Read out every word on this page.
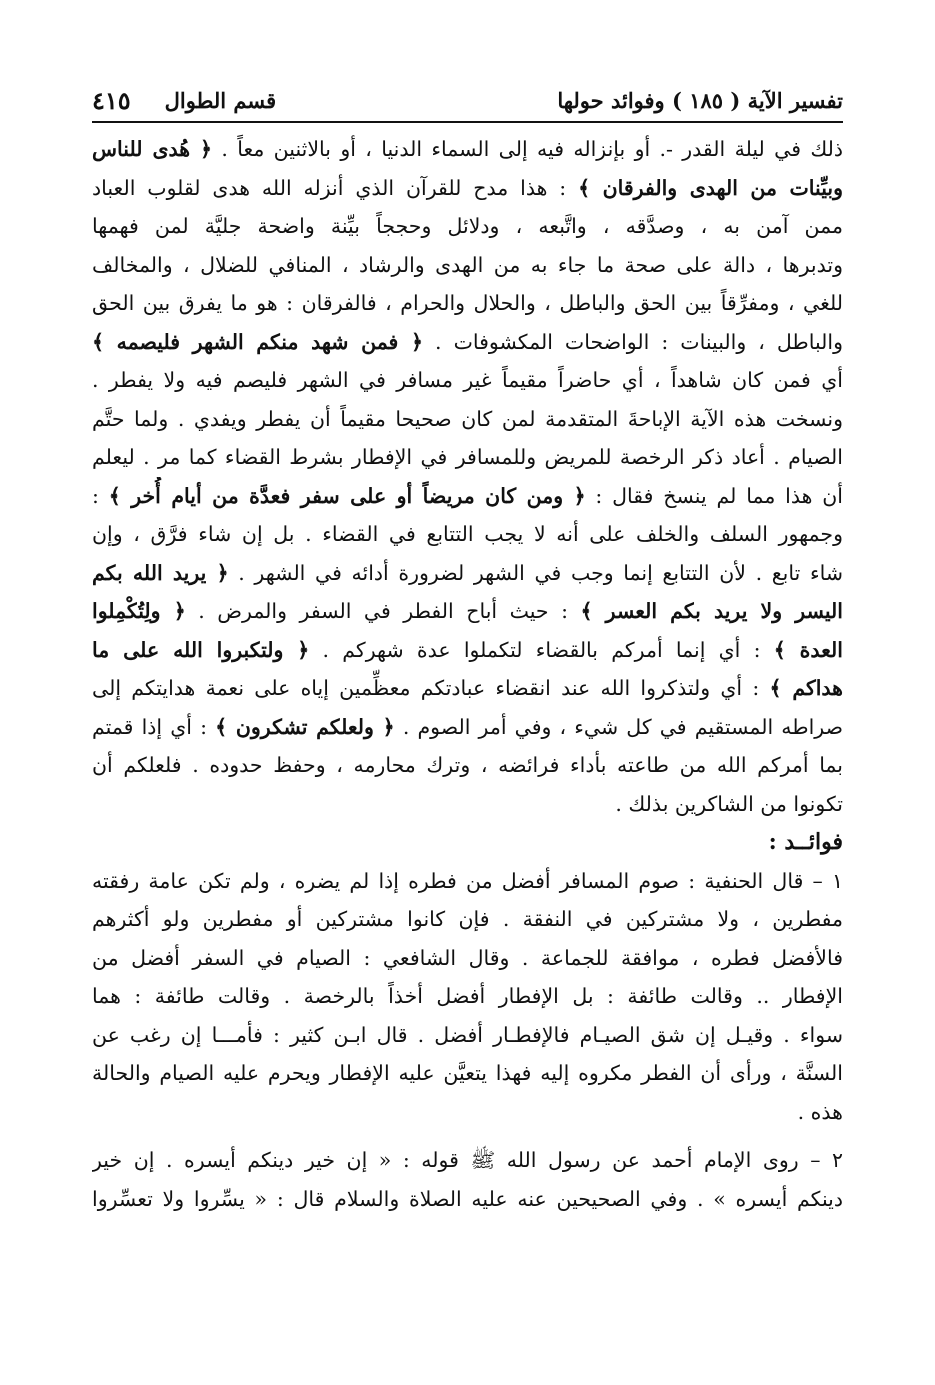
تفسير الآية ( ١٨٥ ) وفوائد حولها
قسم الطوال
٤١٥
ذلك في ليلة القدر -. أو بإنزاله فيه إلى السماء الدنيا ، أو بالاثنين معاً . ﴿ هُدى للناس
وبيِّنات من الهدى والفرقان ﴾ : هذا مدح للقرآن الذي أنزله الله هدى لقلوب العباد
ممن آمن به ، وصدَّقه ، واتَّبعه ، ودلائل وحججاً بيِّنة واضحة جليَّة لمن فهمها
وتدبرها ، دالة على صحة ما جاء به من الهدى والرشاد ، المنافي للضلال ، والمخالف
للغي ، ومفرِّقاً بين الحق والباطل ، والحلال والحرام ، فالفرقان : هو ما يفرق بين الحق
والباطل ، والبينات : الواضحات المكشوفات . ﴿ فمن شهد منكم الشهر فليصمه ﴾
أي فمن كان شاهداً ، أي حاضراً مقيماً غير مسافر في الشهر فليصم فيه ولا يفطر .
ونسخت هذه الآية الإباحةَ المتقدمة لمن كان صحيحا مقيماً أن يفطر ويفدي . ولما حتَّم
الصيام . أعاد ذكر الرخصة للمريض وللمسافر في الإفطار بشرط القضاء كما مر . ليعلم
أن هذا مما لم ينسخ فقال : ﴿ ومن كان مريضاً أو على سفر فعدَّة من أيام أُخر ﴾ :
وجمهور السلف والخلف على أنه لا يجب التتابع في القضاء . بل إن شاء فرَّق ، وإن
شاء تابع . لأن التتابع إنما وجب في الشهر لضرورة أدائه في الشهر . ﴿ يريد الله بكم
اليسر ولا يريد بكم العسر ﴾ : حيث أباح الفطر في السفر والمرض . ﴿ ولِتُكْمِلوا
العدة ﴾ : أي إنما أمركم بالقضاء لتكملوا عدة شهركم . ﴿ ولتكبروا الله على ما
هداكم ﴾ : أي ولتذكروا الله عند انقضاء عبادتكم معظِّمين إياه على نعمة هدايتكم إلى
صراطه المستقيم في كل شيء ، وفي أمر الصوم . ﴿ ولعلكم تشكرون ﴾ : أي إذا قمتم
بما أمركم الله من طاعته بأداء فرائضه ، وترك محارمه ، وحفظ حدوده . فلعلكم أن
تكونوا من الشاكرين بذلك .
فوائــد :
١ – قال الحنفية : صوم المسافر أفضل من فطره إذا لم يضره ، ولم تكن عامة رفقته
مفطرين ، ولا مشتركين في النفقة . فإن كانوا مشتركين أو مفطرين ولو أكثرهم
فالأفضل فطره ، موافقة للجماعة . وقال الشافعي : الصيام في السفر أفضل من
الإفطار .. وقالت طائفة : بل الإفطار أفضل أخذاً بالرخصة . وقالت طائفة : هما
سواء . وقيـل إن شق الصيـام فالإفطـار أفضل . قال ابـن كثير : فأمـــا إن رغب عن
السنَّة ، ورأى أن الفطر مكروه إليه فهذا يتعيَّن عليه الإفطار ويحرم عليه الصيام والحالة
هذه .
٢ – روى الإمام أحمد عن رسول الله ﷺ قوله : « إن خير دينكم أيسره . إن خير
دينكم أيسره » . وفي الصحيحين عنه عليه الصلاة والسلام قال : « يسِّروا ولا تعسِّروا
